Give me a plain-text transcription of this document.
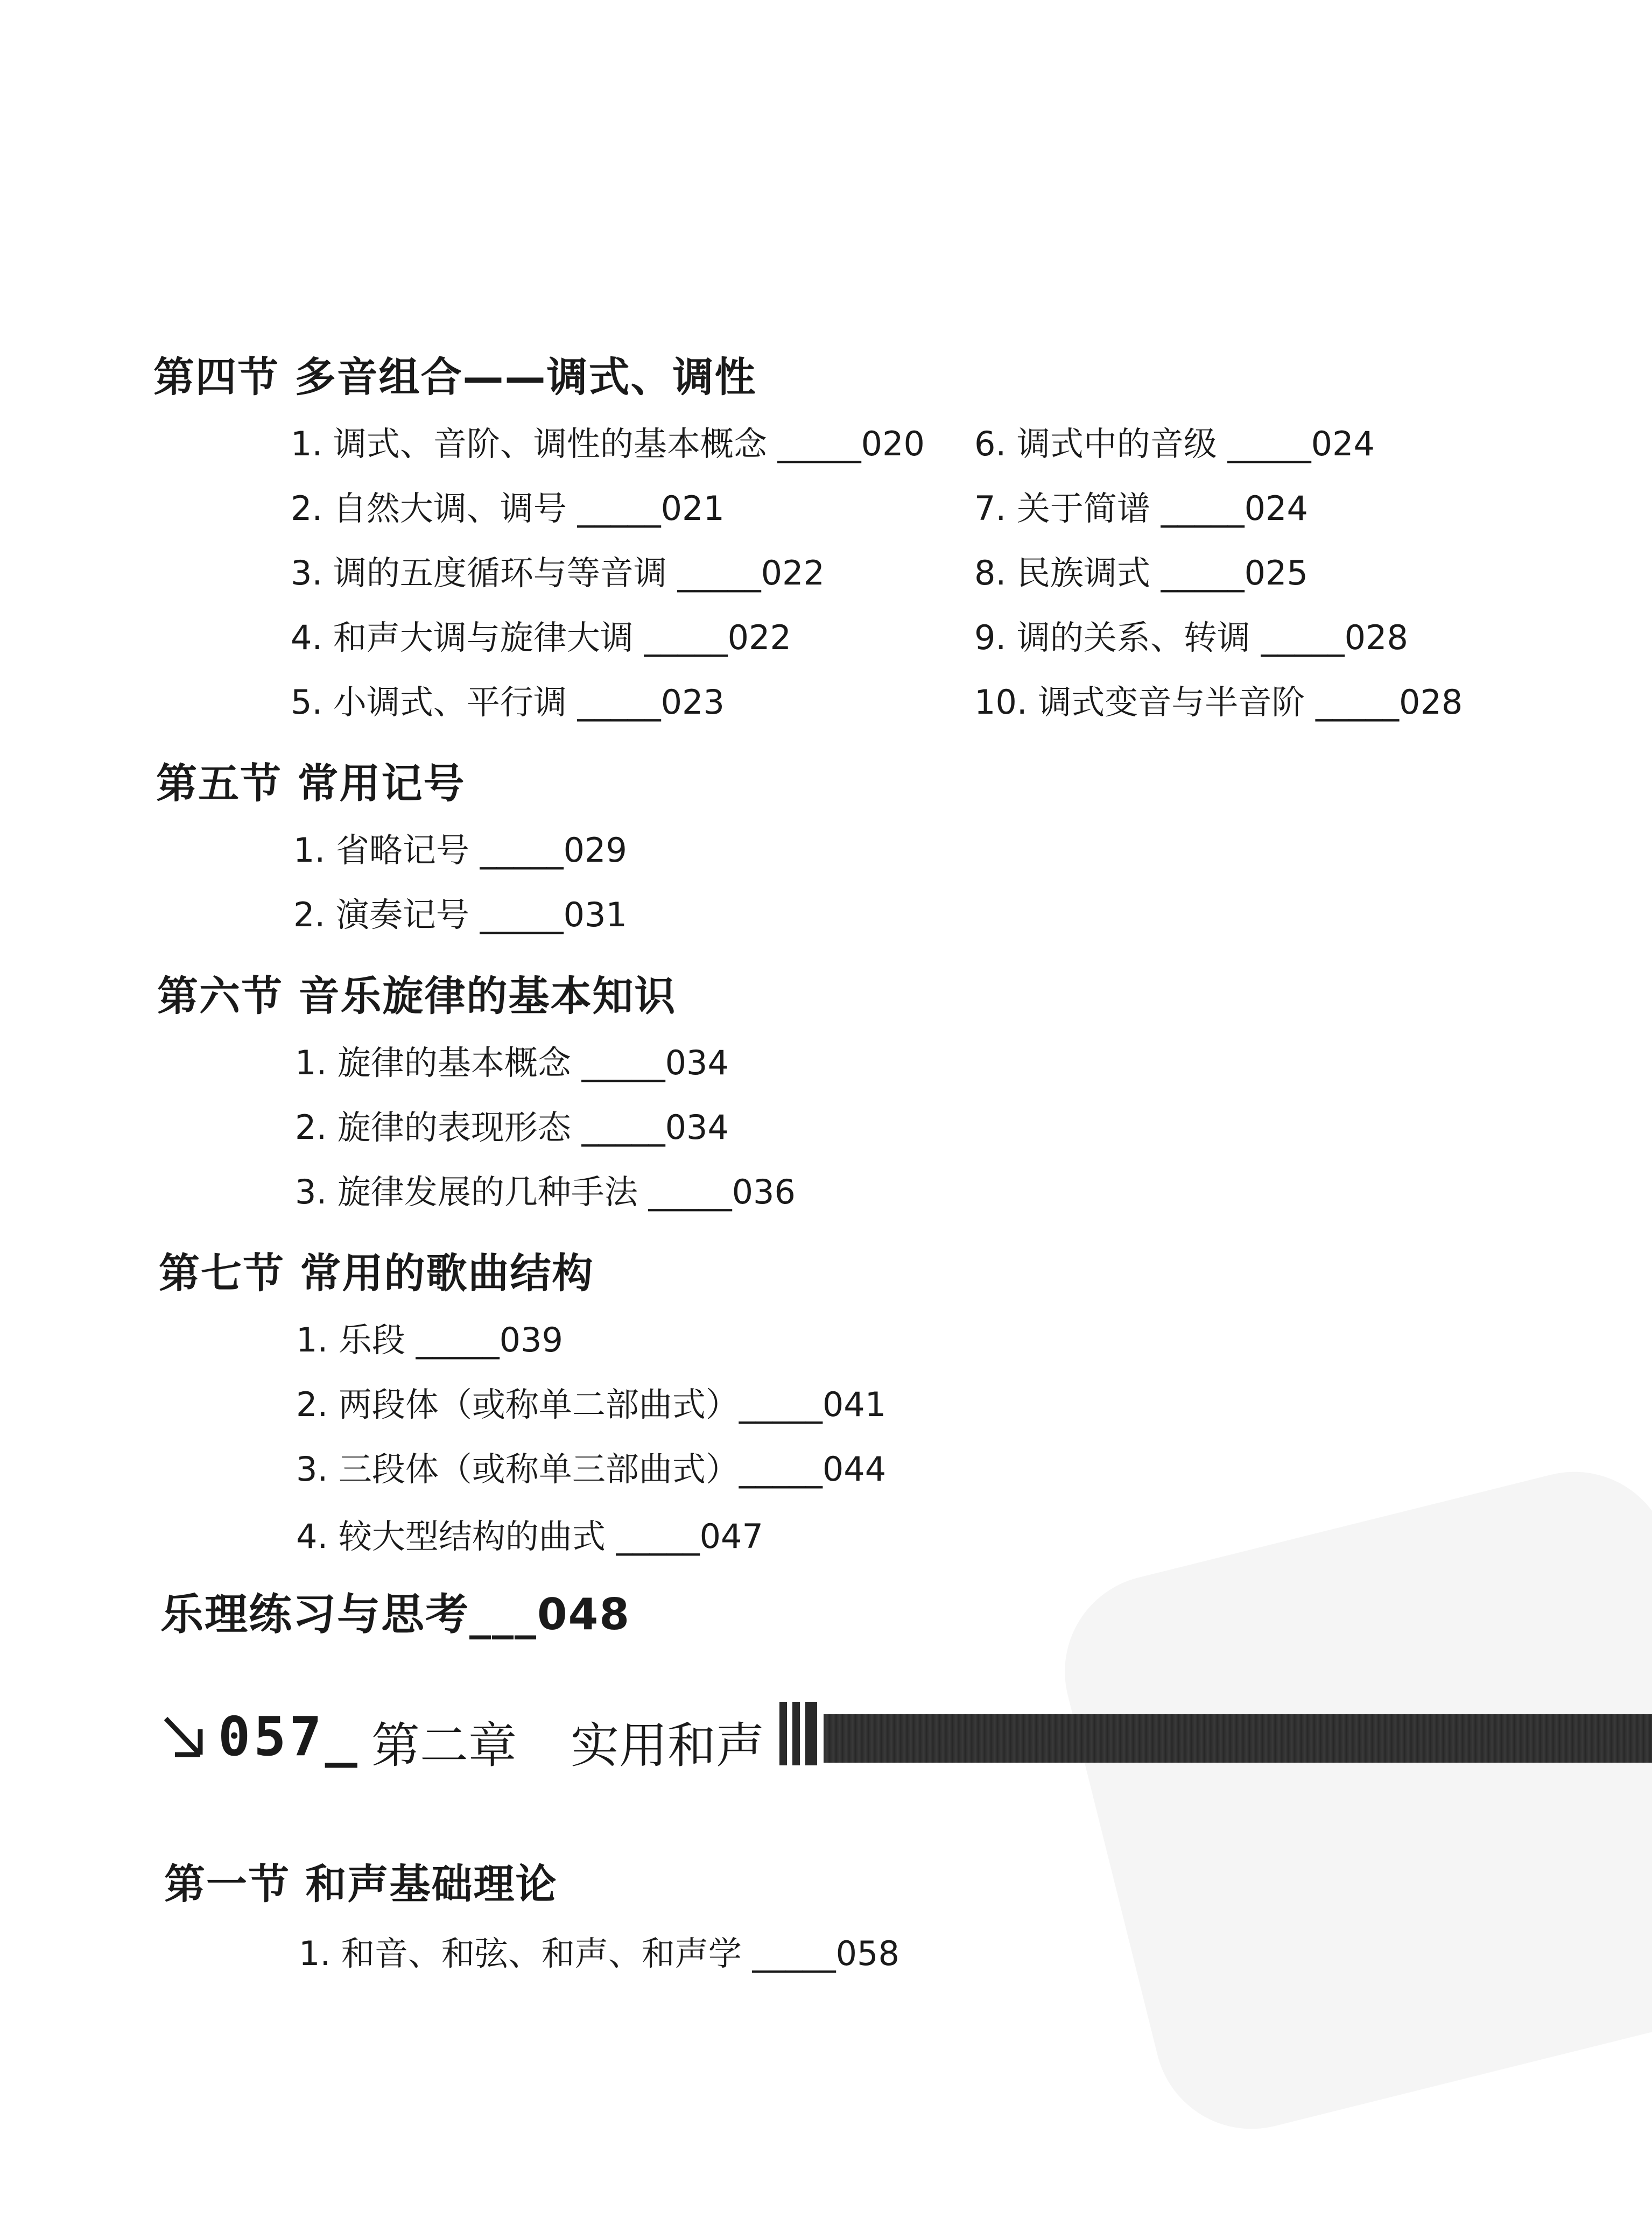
第四节 多音组合——调式、调性
1. 调式、音阶、调性的基本概念 _____020
2. 自然大调、调号 _____021
3. 调的五度循环与等音调 _____022
4. 和声大调与旋律大调 _____022
5. 小调式、平行调 _____023
6. 调式中的音级 _____024
7. 关于简谱 _____024
8. 民族调式 _____025
9. 调的关系、转调 _____028
10. 调式变音与半音阶 _____028
第五节 常用记号
1. 省略记号 _____029
2. 演奏记号 _____031
第六节 音乐旋律的基本知识
1. 旋律的基本概念 _____034
2. 旋律的表现形态 _____034
3. 旋律发展的几种手法 _____036
第七节 常用的歌曲结构
1. 乐段 _____039
2. 两段体（或称单二部曲式）_____041
3. 三段体（或称单三部曲式）_____044
4. 较大型结构的曲式 _____047
乐理练习与思考___048
057_ 第二章 实用和声
第一节 和声基础理论
1. 和音、和弦、和声、和声学 _____058
